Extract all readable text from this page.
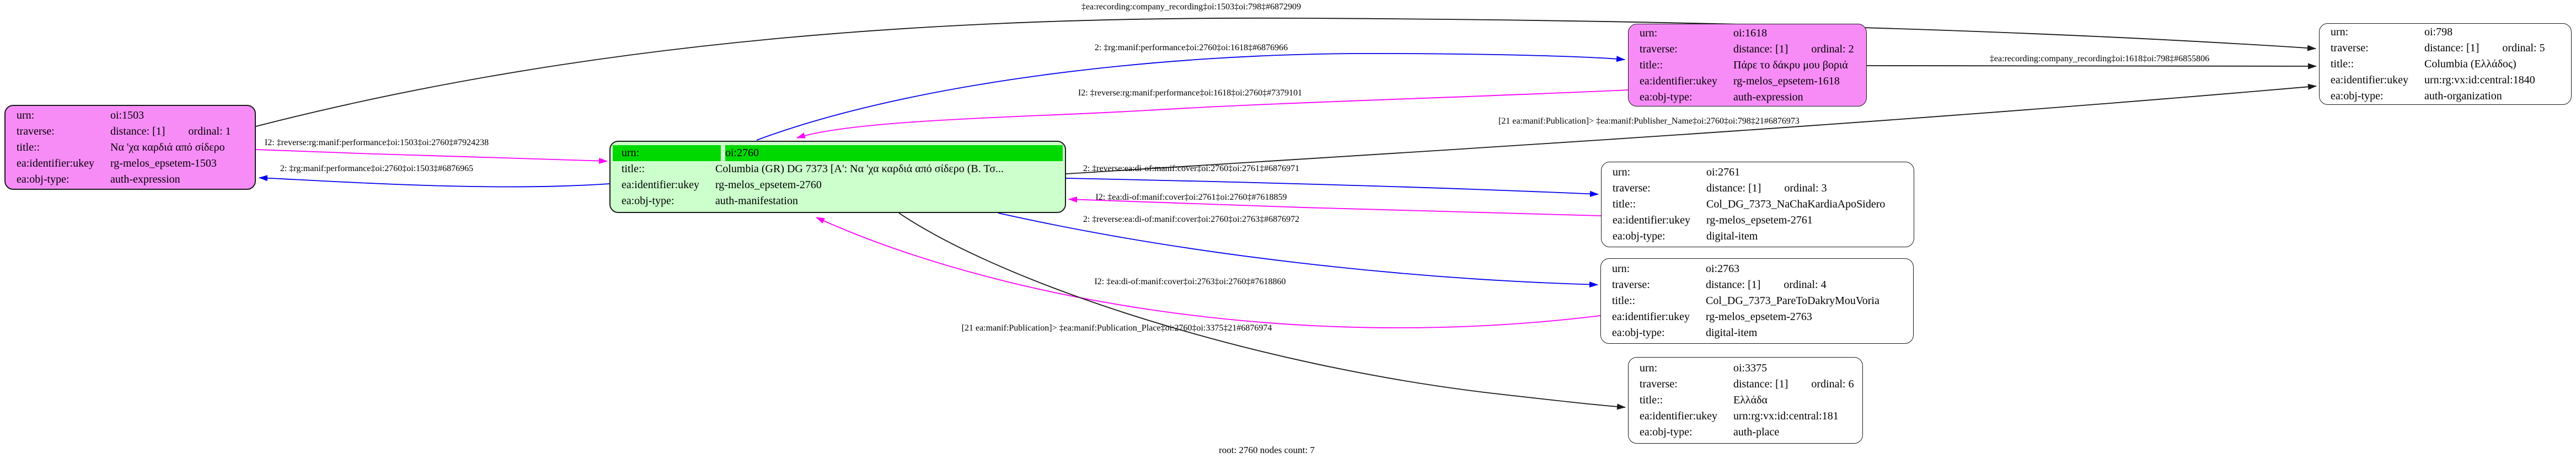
‡ea:recording:company_recording‡oi:1503‡oi:798‡#6872909
2: ‡rg:manif:performance‡oi:2760‡oi:1618‡#6876966
I2: ‡reverse:rg:manif:performance‡oi:1618‡oi:2760‡#7379101
I2: ‡reverse:rg:manif:performance‡oi:1503‡oi:2760‡#7924238
2: ‡rg:manif:performance‡oi:2760‡oi:1503‡#6876965
‡ea:recording:company_recording‡oi:1618‡oi:798‡#6855806
[21 ea:manif:Publication]> ‡ea:manif:Publisher_Name‡oi:2760‡oi:798‡21#6876973
2: ‡reverse:ea:di-of:manif:cover‡oi:2760‡oi:2761‡#6876971
I2: ‡ea:di-of:manif:cover‡oi:2761‡oi:2760‡#7618859
2: ‡reverse:ea:di-of:manif:cover‡oi:2760‡oi:2763‡#6876972
I2: ‡ea:di-of:manif:cover‡oi:2763‡oi:2760‡#7618860
[21 ea:manif:Publication]> ‡ea:manif:Publication_Place‡oi:2760‡oi:3375‡21#6876974
urn:	oi:1503
traverse:	distance: [1] ordinal: 1
title::	Να 'χα καρδιά από σίδερο
ea:identifier:ukey	rg-melos_epsetem-1503
ea:obj-type:	auth-expression
urn:	oi:2760
title::	Columbia (GR) DG 7373 [Α': Να 'χα καρδιά από σίδερο (Β. Τσ...
ea:identifier:ukey	rg-melos_epsetem-2760
ea:obj-type:	auth-manifestation
urn:	oi:1618
traverse:	distance: [1] ordinal: 2
title::	Πάρε το δάκρυ μου βοριά
ea:identifier:ukey	rg-melos_epsetem-1618
ea:obj-type:	auth-expression
urn:	oi:798
traverse:	distance: [1] ordinal: 5
title::	Columbia (Ελλάδος)
ea:identifier:ukey	urn:rg:vx:id:central:1840
ea:obj-type:	auth-organization
urn:	oi:2761
traverse:	distance: [1] ordinal: 3
title::	Col_DG_7373_NaChaKardiaApoSidero
ea:identifier:ukey	rg-melos_epsetem-2761
ea:obj-type:	digital-item
urn:	oi:2763
traverse:	distance: [1] ordinal: 4
title::	Col_DG_7373_PareToDakryMouVoria
ea:identifier:ukey	rg-melos_epsetem-2763
ea:obj-type:	digital-item
urn:	oi:3375
traverse:	distance: [1] ordinal: 6
title::	Ελλάδα
ea:identifier:ukey	urn:rg:vx:id:central:181
ea:obj-type:	auth-place
root: 2760 nodes count: 7
